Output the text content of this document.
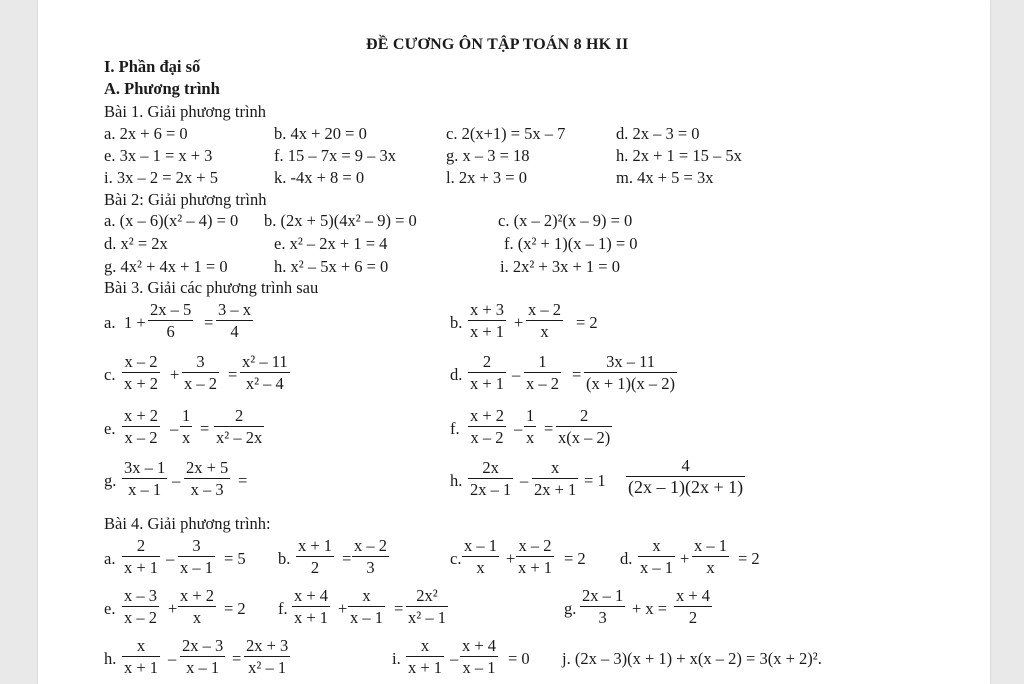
ĐỀ CƯƠNG ÔN TẬP TOÁN 8 HK II
I. Phần đại số
A. Phương trình
Bài 1. Giải phương trình
a. 2x + 6 = 0	b. 4x + 20 = 0	c. 2(x+1) = 5x – 7	d. 2x – 3 = 0
e. 3x – 1 = x + 3	f. 15 – 7x = 9 – 3x	g. x – 3 = 18	h. 2x + 1 = 15 – 5x
i. 3x – 2 = 2x + 5	k. -4x + 8 = 0	l. 2x + 3 = 0	m. 4x + 5 = 3x
Bài 2: Giải phương trình
a. (x – 6)(x² – 4) = 0 b. (2x + 5)(4x² – 9) = 0	c. (x – 2)²(x – 9) = 0
d. x² = 2x	e. x² – 2x + 1 = 4	f. (x² + 1)(x – 1) = 0
g. 4x² + 4x + 1 = 0	h. x² – 5x + 6 = 0	i. 2x² + 3x + 1 = 0
Bài 3. Giải các phương trình sau
a. 1 +
2x – 5
6	=
3 – x
4	b.
x + 3
x + 1 +
x – 2
x	= 2
c.
x – 2
x + 2 +
3
x – 2 =
x² – 11
x² – 4	d.
2
x + 1 –
1
x – 2 =
3x – 11
(x + 1)(x – 2)
e.
x + 2
x – 2 –
1
x =
2
x² – 2x	f.
x + 2
x – 2 –
1
x =
2
x(x – 2)
g.
3x – 1
x – 1 –
2x + 5
x – 3 =	h.
2x
2x – 1 –
x
2x + 1 = 1
4
(2x – 1)(2x + 1)
Bài 4. Giải phương trình:
a.
2
x + 1 –
3
x – 1 = 5 b.
x + 1
2	=
x – 2
3	c.
x – 1
x	+
x – 2
x + 1 = 2 d.
x
x – 1 +
x – 1
x	= 2
e.
x – 3
x – 2 +
x + 2
x	= 2 f.
x + 4
x + 1 +
x
x – 1 =
2x²
x² – 1	g.
2x – 1
3	+ x =
x + 4
2
h.
x
x + 1 –
2x – 3
x – 1 =
2x + 3
x² – 1	i.
x
x + 1 –
x + 4
x – 1 = 0 j. (2x – 3)(x + 1) + x(x – 2) = 3(x + 2)².
